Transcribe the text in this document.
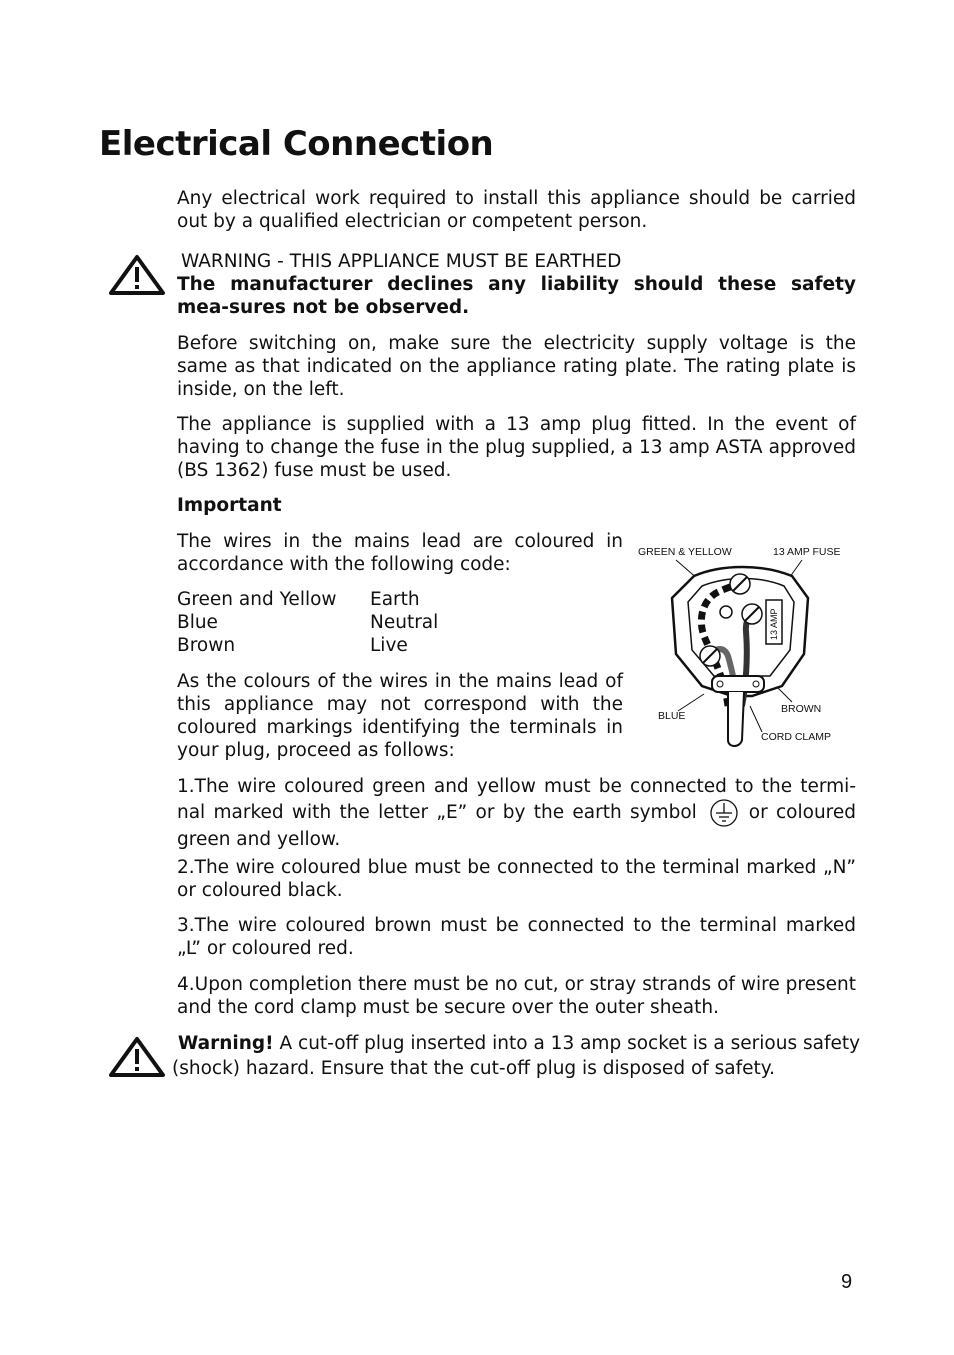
Electrical Connection

Any electrical work required to install this appliance should be carried out by a qualified electrician or competent person.

WARNING - THIS APPLIANCE MUST BE EARTHED

The manufacturer declines any liability should these safety mea-sures not be observed.

Before switching on, make sure the electricity supply voltage is the same as that indicated on the appliance rating plate. The rating plate is inside, on the left.

The appliance is supplied with a 13 amp plug fitted. In the event of having to change the fuse in the plug supplied, a 13 amp ASTA approved (BS 1362) fuse must be used.

Important

The wires in the mains lead are coloured in accordance with the following code:

Green and Yellow	Earth
Blue	Neutral
Brown	Live

As the colours of the wires in the mains lead of this appliance may not correspond with the coloured markings identifying the terminals in your plug, proceed as follows:

GREEN & YELLOW	13 AMP FUSE
BLUE
BROWN
CORD CLAMP
13 AMP

1.The wire coloured green and yellow must be connected to the termi-nal marked with the letter „E” or by the earth symbol	or coloured green and yellow.

2.The wire coloured blue must be connected to the terminal marked „N” or coloured black.

3.The wire coloured brown must be connected to the terminal marked „L” or coloured red.

4.Upon completion there must be no cut, or stray strands of wire present and the cord clamp must be secure over the outer sheath.

Warning! A cut-off plug inserted into a 13 amp socket is a serious safety (shock) hazard. Ensure that the cut-off plug is disposed of safety.
9
